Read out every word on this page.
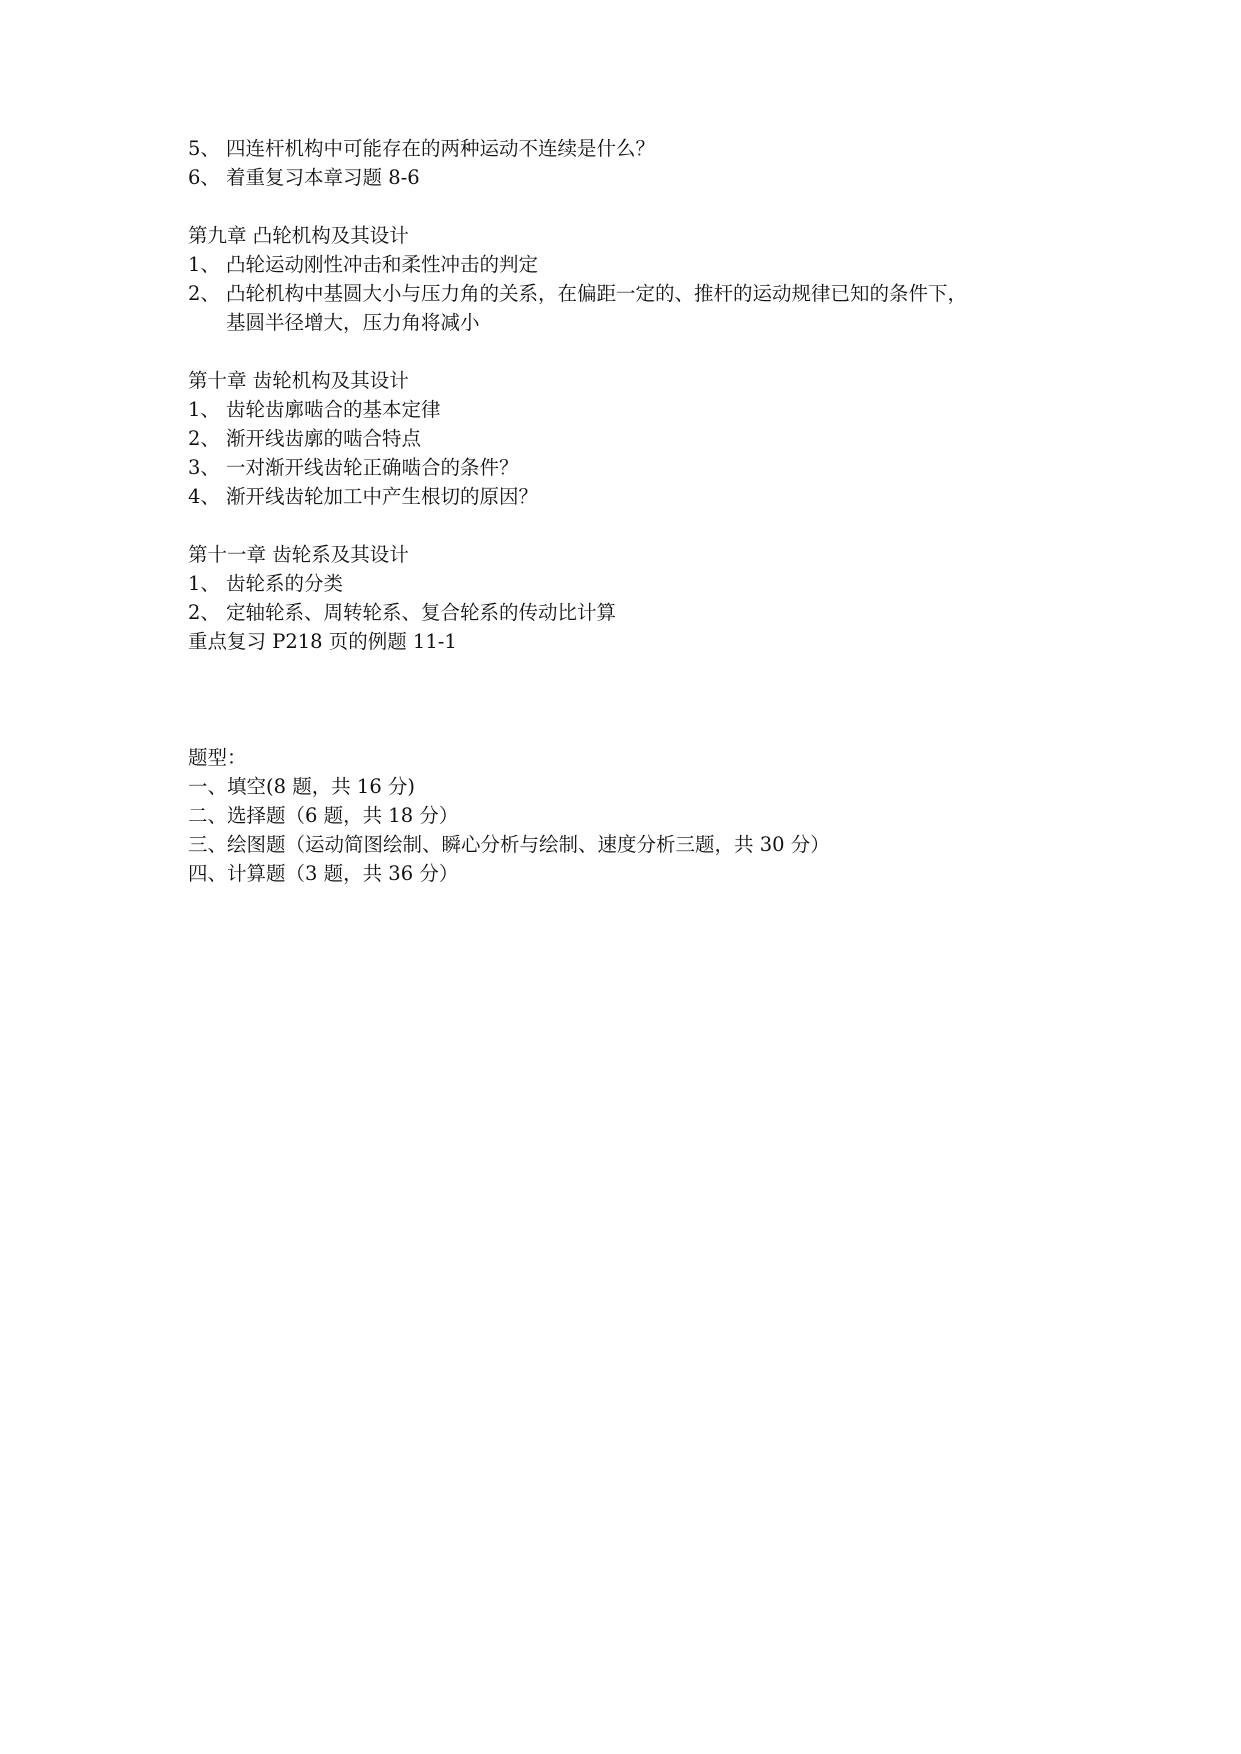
5、 四连杆机构中可能存在的两种运动不连续是什么？
6、 着重复习本章习题 8-6
第九章 凸轮机构及其设计
1、 凸轮运动刚性冲击和柔性冲击的判定
2、 凸轮机构中基圆大小与压力角的关系，在偏距一定的、推杆的运动规律已知的条件下，
基圆半径增大，压力角将减小
第十章 齿轮机构及其设计
1、 齿轮齿廓啮合的基本定律
2、 渐开线齿廓的啮合特点
3、 一对渐开线齿轮正确啮合的条件？
4、 渐开线齿轮加工中产生根切的原因？
第十一章 齿轮系及其设计
1、 齿轮系的分类
2、 定轴轮系、周转轮系、复合轮系的传动比计算
重点复习 P218 页的例题 11-1
题型：
一、填空(8 题，共 16 分)
二、选择题（6 题，共 18 分）
三、绘图题（运动简图绘制、瞬心分析与绘制、速度分析三题，共 30 分）
四、计算题（3 题，共 36 分）
